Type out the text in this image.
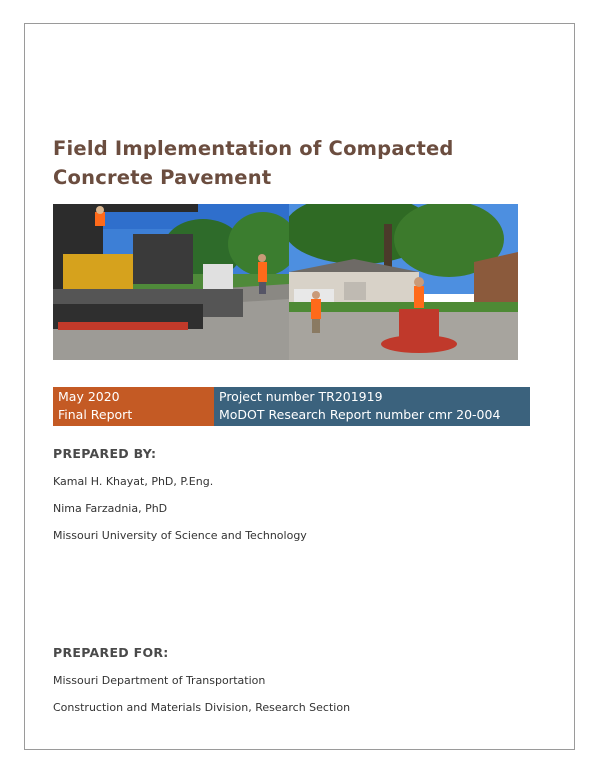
Field Implementation of Compacted Concrete Pavement
May 2020
Final Report
Project number TR201919
MoDOT Research Report number cmr 20-004
PREPARED BY:
Kamal H. Khayat, PhD, P.Eng.
Nima Farzadnia, PhD
Missouri University of Science and Technology
PREPARED FOR:
Missouri Department of Transportation
Construction and Materials Division, Research Section
